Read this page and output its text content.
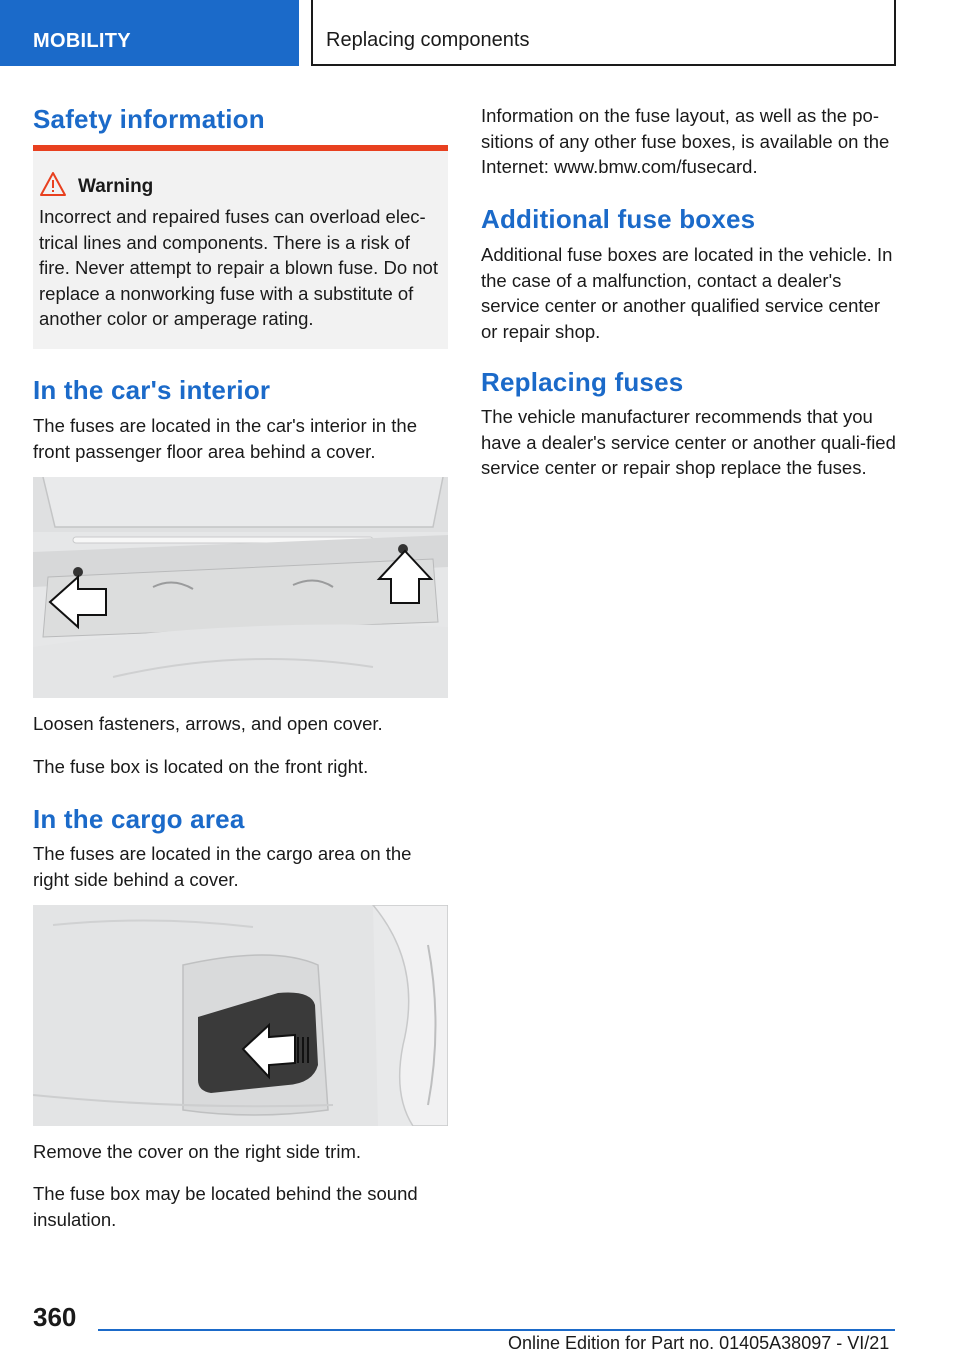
MOBILITY	Replacing components
Safety information
Warning
Incorrect and repaired fuses can overload elec-trical lines and components. There is a risk of fire. Never attempt to repair a blown fuse. Do not replace a nonworking fuse with a substitute of another color or amperage rating.
In the car's interior
The fuses are located in the car's interior in the front passenger floor area behind a cover.
Loosen fasteners, arrows, and open cover.
The fuse box is located on the front right.
In the cargo area
The fuses are located in the cargo area on the right side behind a cover.
Remove the cover on the right side trim.
The fuse box may be located behind the sound insulation.
Information on the fuse layout, as well as the po-sitions of any other fuse boxes, is available on the Internet: www.bmw.com/fusecard.
Additional fuse boxes
Additional fuse boxes are located in the vehicle. In the case of a malfunction, contact a dealer's service center or another qualified service center or repair shop.
Replacing fuses
The vehicle manufacturer recommends that you have a dealer's service center or another quali-fied service center or repair shop replace the fuses.
360
Online Edition for Part no. 01405A38097 - VI/21
